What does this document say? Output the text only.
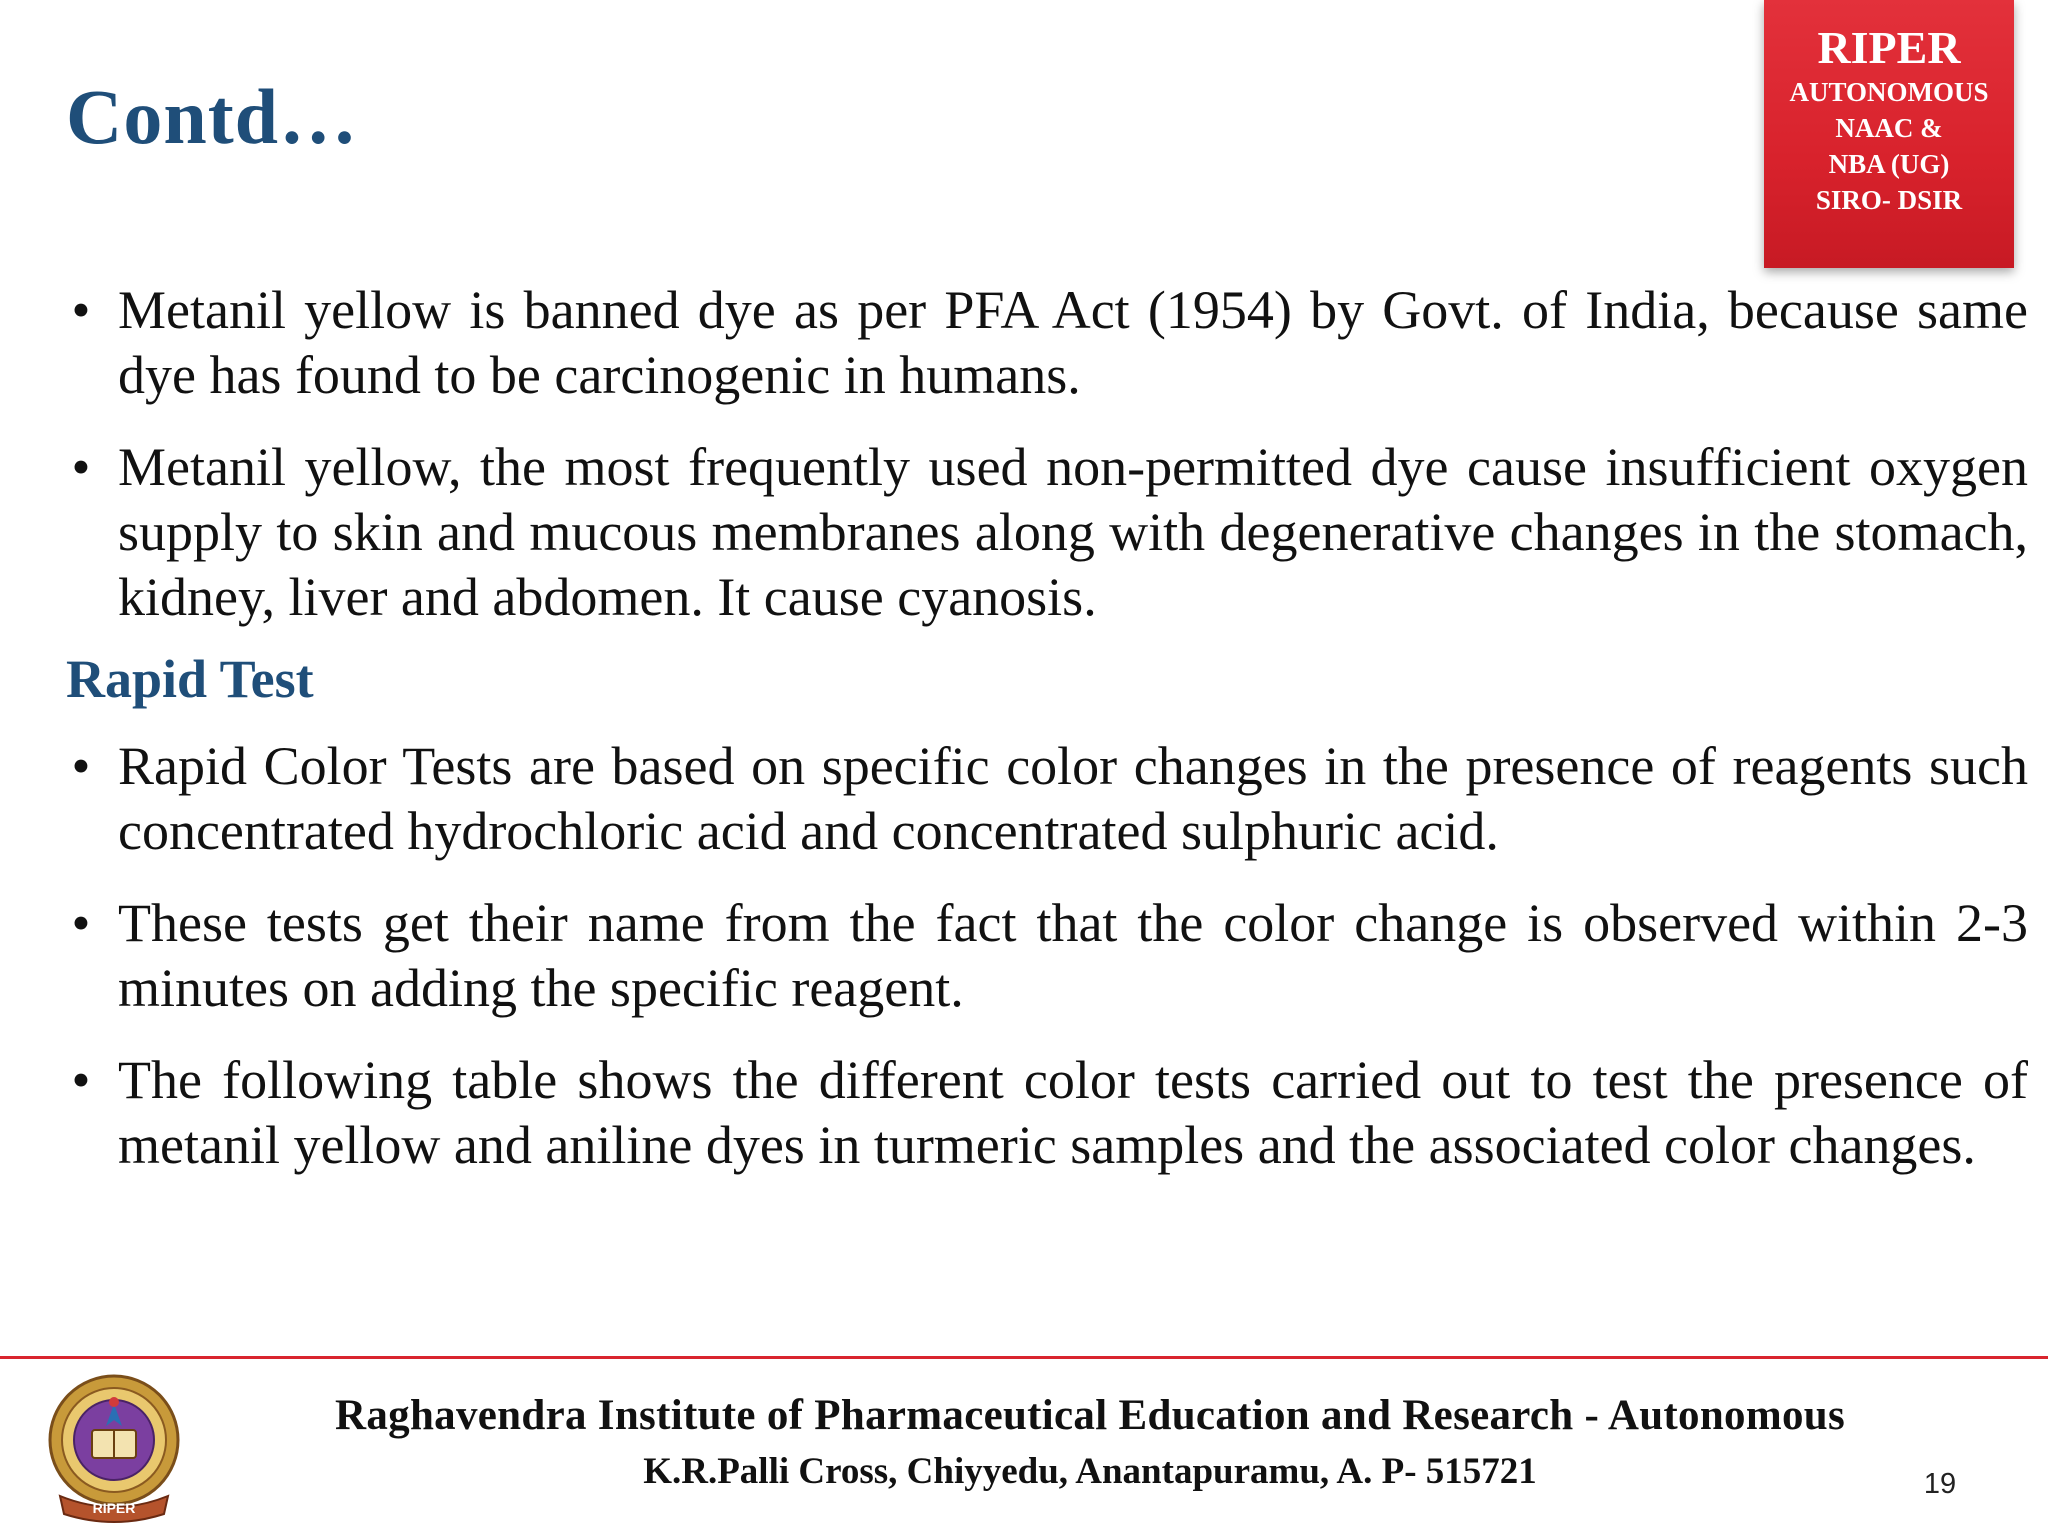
Contd…
RIPER
AUTONOMOUS
NAAC &
NBA (UG)
SIRO- DSIR
• Metanil yellow is banned dye as per PFA Act (1954) by Govt. of India, because same dye has found to be carcinogenic in humans.
• Metanil yellow, the most frequently used non-permitted dye cause insufficient oxygen supply to skin and mucous membranes along with degenerative changes in the stomach, kidney, liver and abdomen. It cause cyanosis.
Rapid Test
• Rapid Color Tests are based on specific color changes in the presence of reagents such concentrated hydrochloric acid and concentrated sulphuric acid.
• These tests get their name from the fact that the color change is observed within 2-3 minutes on adding the specific reagent.
• The following table shows the different color tests carried out to test the presence of metanil yellow and aniline dyes in turmeric samples and the associated color changes.
RIPER
Raghavendra Institute of Pharmaceutical Education and Research - Autonomous
K.R.Palli Cross, Chiyyedu, Anantapuramu, A. P- 515721	19
